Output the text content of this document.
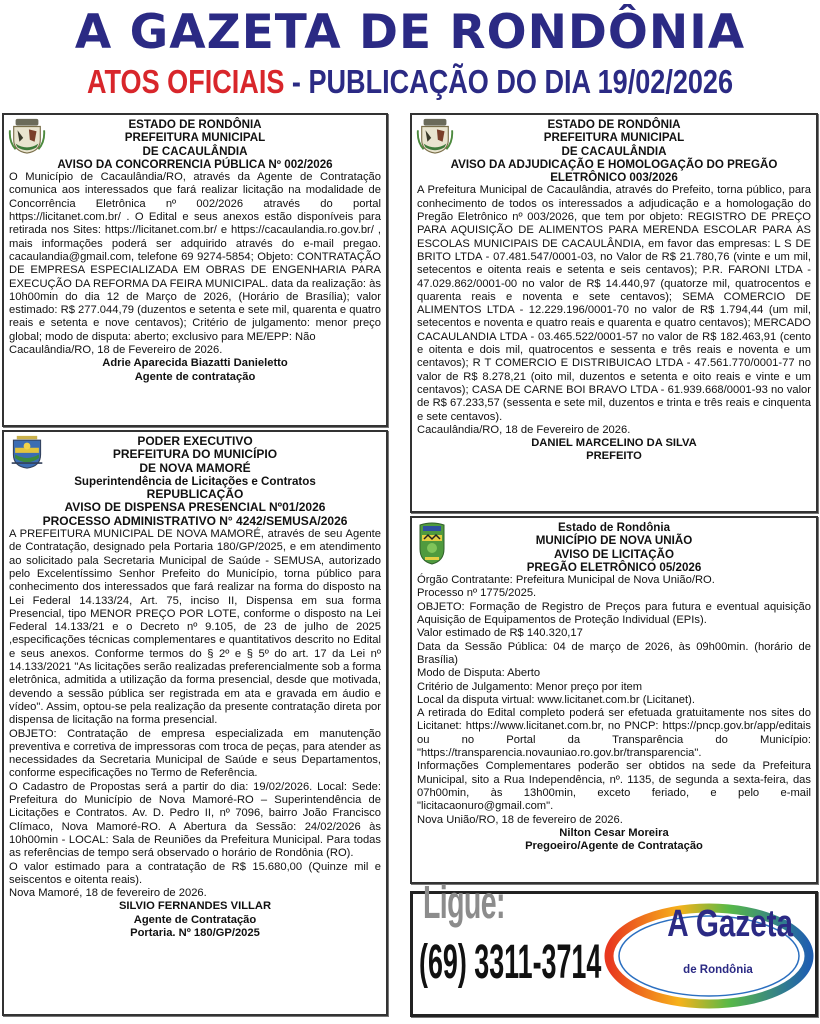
A GAZETA DE RONDÔNIA
ATOS OFICIAIS - PUBLICAÇÃO DO DIA 19/02/2026
ESTADO DE RONDÔNIA
PREFEITURA MUNICIPAL
DE CACAULÂNDIA
AVISO DA CONCORRENCIA PÚBLICA Nº 002/2026

O Município de Cacaulândia/RO, através da Agente de Contratação comunica aos interessados que fará realizar licitação na modalidade de Concorrência Eletrônica nº 002/2026 através do portal https://licitanet.com.br/ . O Edital e seus anexos estão disponíveis para retirada nos Sites: https://licitanet.com.br/ e https://cacaulandia.ro.gov.br/ , mais informações poderá ser adquirido através do e-mail pregao. cacaulandia@gmail.com, telefone 69 9274-5854; Objeto: CONTRATAÇÃO DE EMPRESA ESPECIALIZADA EM OBRAS DE ENGENHARIA PARA EXECUÇÃO DA REFORMA DA FEIRA MUNICIPAL. data da realização: às 10h00min do dia 12 de Março de 2026, (Horário de Brasília); valor estimado: R$ 277.044,79 (duzentos e setenta e sete mil, quarenta e quatro reais e setenta e nove centavos); Critério de julgamento: menor preço global; modo de disputa: aberto; exclusivo para ME/EPP: Não

Cacaulândia/RO, 18 de Fevereiro de 2026.

Adrie Aparecida Biazatti Danieletto
Agente de contratação
PODER EXECUTIVO
PREFEITURA DO MUNICÍPIO
DE NOVA MAMORÉ
Superintendência de Licitações e Contratos
REPUBLICAÇÃO
AVISO DE DISPENSA PRESENCIAL Nº01/2026
PROCESSO ADMINISTRATIVO N° 4242/SEMUSA/2026

A PREFEITURA MUNICIPAL DE NOVA MAMORÉ, através de seu Agente de Contratação, designado pela Portaria 180/GP/2025, e em atendimento ao solicitado pala Secretaria Municipal de Saúde - SEMUSA, autorizado pelo Excelentíssimo Senhor Prefeito do Município, torna público para conhecimento dos interessados que fará realizar na forma do disposto na Lei Federal 14.133/24, Art. 75, inciso II, Dispensa em sua forma Presencial, tipo MENOR PREÇO POR LOTE, conforme o disposto na Lei Federal 14.133/21 e o Decreto nº 9.105, de 23 de julho de 2025 ,especificações técnicas complementares e quantitativos descrito no Edital e seus anexos. Conforme termos do § 2º e § 5º do art. 17 da Lei nº 14.133/2021 "As licitações serão realizadas preferencialmente sob a forma eletrônica, admitida a utilização da forma presencial, desde que motivada, devendo a sessão pública ser registrada em ata e gravada em áudio e vídeo". Assim, optou-se pela realização da presente contratação direta por dispensa de licitação na forma presencial.

OBJETO: Contratação de empresa especializada em manutenção preventiva e corretiva de impressoras com troca de peças, para atender as necessidades da Secretaria Municipal de Saúde e seus Departamentos, conforme especificações no Termo de Referência.

O Cadastro de Propostas será a partir do dia: 19/02/2026. Local: Sede: Prefeitura do Município de Nova Mamoré-RO – Superintendência de Licitações e Contratos. Av. D. Pedro II, nº 7096, bairro João Francisco Clímaco, Nova Mamoré-RO. A Abertura da Sessão: 24/02/2026 às 10h00min - LOCAL: Sala de Reuniões da Prefeitura Municipal. Para todas as referências de tempo será observado o horário de Rondônia (RO).

O valor estimado para a contratação de R$ 15.680,00 (Quinze mil e seiscentos e oitenta reais).

Nova Mamoré, 18 de fevereiro de 2026.

SILVIO FERNANDES VILLAR
Agente de Contratação
Portaria. Nº 180/GP/2025
ESTADO DE RONDÔNIA
PREFEITURA MUNICIPAL
DE CACAULÂNDIA
AVISO DA ADJUDICAÇÃO E HOMOLOGAÇÃO DO PREGÃO ELETRÔNICO 003/2026

A Prefeitura Municipal de Cacaulândia, através do Prefeito, torna público, para conhecimento de todos os interessados a adjudicação e a homologação do Pregão Eletrônico nº 003/2026, que tem por objeto: REGISTRO DE PREÇO PARA AQUISIÇÃO DE ALIMENTOS PARA MERENDA ESCOLAR PARA AS ESCOLAS MUNICIPAIS DE CACAULÂNDIA, em favor das empresas: L S DE BRITO LTDA - 07.481.547/0001-03, no Valor de R$ 21.780,76 (vinte e um mil, setecentos e oitenta reais e setenta e seis centavos); P.R. FARONI LTDA - 47.029.862/0001-00 no valor de R$ 14.440,97 (quatorze mil, quatrocentos e quarenta reais e noventa e sete centavos); SEMA COMERCIO DE ALIMENTOS LTDA - 12.229.196/0001-70 no valor de R$ 1.794,44 (um mil, setecentos e noventa e quatro reais e quarenta e quatro centavos); MERCADO CACAULANDIA LTDA - 03.465.522/0001-57 no valor de R$ 182.463,91 (cento e oitenta e dois mil, quatrocentos e sessenta e três reais e noventa e um centavos); R T COMERCIO E DISTRIBUICAO LTDA - 47.561.770/0001-77 no valor de R$ 8.278,21 (oito mil, duzentos e setenta e oito reais e vinte e um centavos); CASA DE CARNE BOI BRAVO LTDA - 61.939.668/0001-93 no valor de R$ 67.233,57 (sessenta e sete mil, duzentos e trinta e três reais e cinquenta e sete centavos).

Cacaulândia/RO, 18 de Fevereiro de 2026.

DANIEL MARCELINO DA SILVA
PREFEITO
Estado de Rondônia
MUNICÍPIO DE NOVA UNIÃO
AVISO DE LICITAÇÃO
PREGÃO ELETRÔNICO 05/2026

Órgão Contratante: Prefeitura Municipal de Nova União/RO.

Processo nº 1775/2025.

OBJETO: Formação de Registro de Preços para futura e eventual aquisição Aquisição de Equipamentos de Proteção Individual (EPIs).

Valor estimado de R$ 140.320,17

Data da Sessão Pública: 04 de março de 2026, às 09h00min. (horário de Brasília)

Modo de Disputa: Aberto

Critério de Julgamento: Menor preço por item

Local da disputa virtual: www.licitanet.com.br (Licitanet).

A retirada do Edital completo poderá ser efetuada gratuitamente nos sites do Licitanet: https://www.licitanet.com.br, no PNCP: https://pncp.gov.br/app/editais ou no Portal da Transparência do Município: "https://transparencia.novauniao.ro.gov.br/transparencia".

Informações Complementares poderão ser obtidos na sede da Prefeitura Municipal, sito a Rua Independência, nº. 1135, de segunda a sexta-feira, das 07h00min, às 13h00min, exceto feriado, e pelo e-mail "licitacaonuro@gmail.com".

Nova União/RO, 18 de fevereiro de 2026.

Nilton Cesar Moreira
Pregoeiro/Agente de Contratação
Ligue:
(69) 3311-3714
A Gazeta
de Rondônia
